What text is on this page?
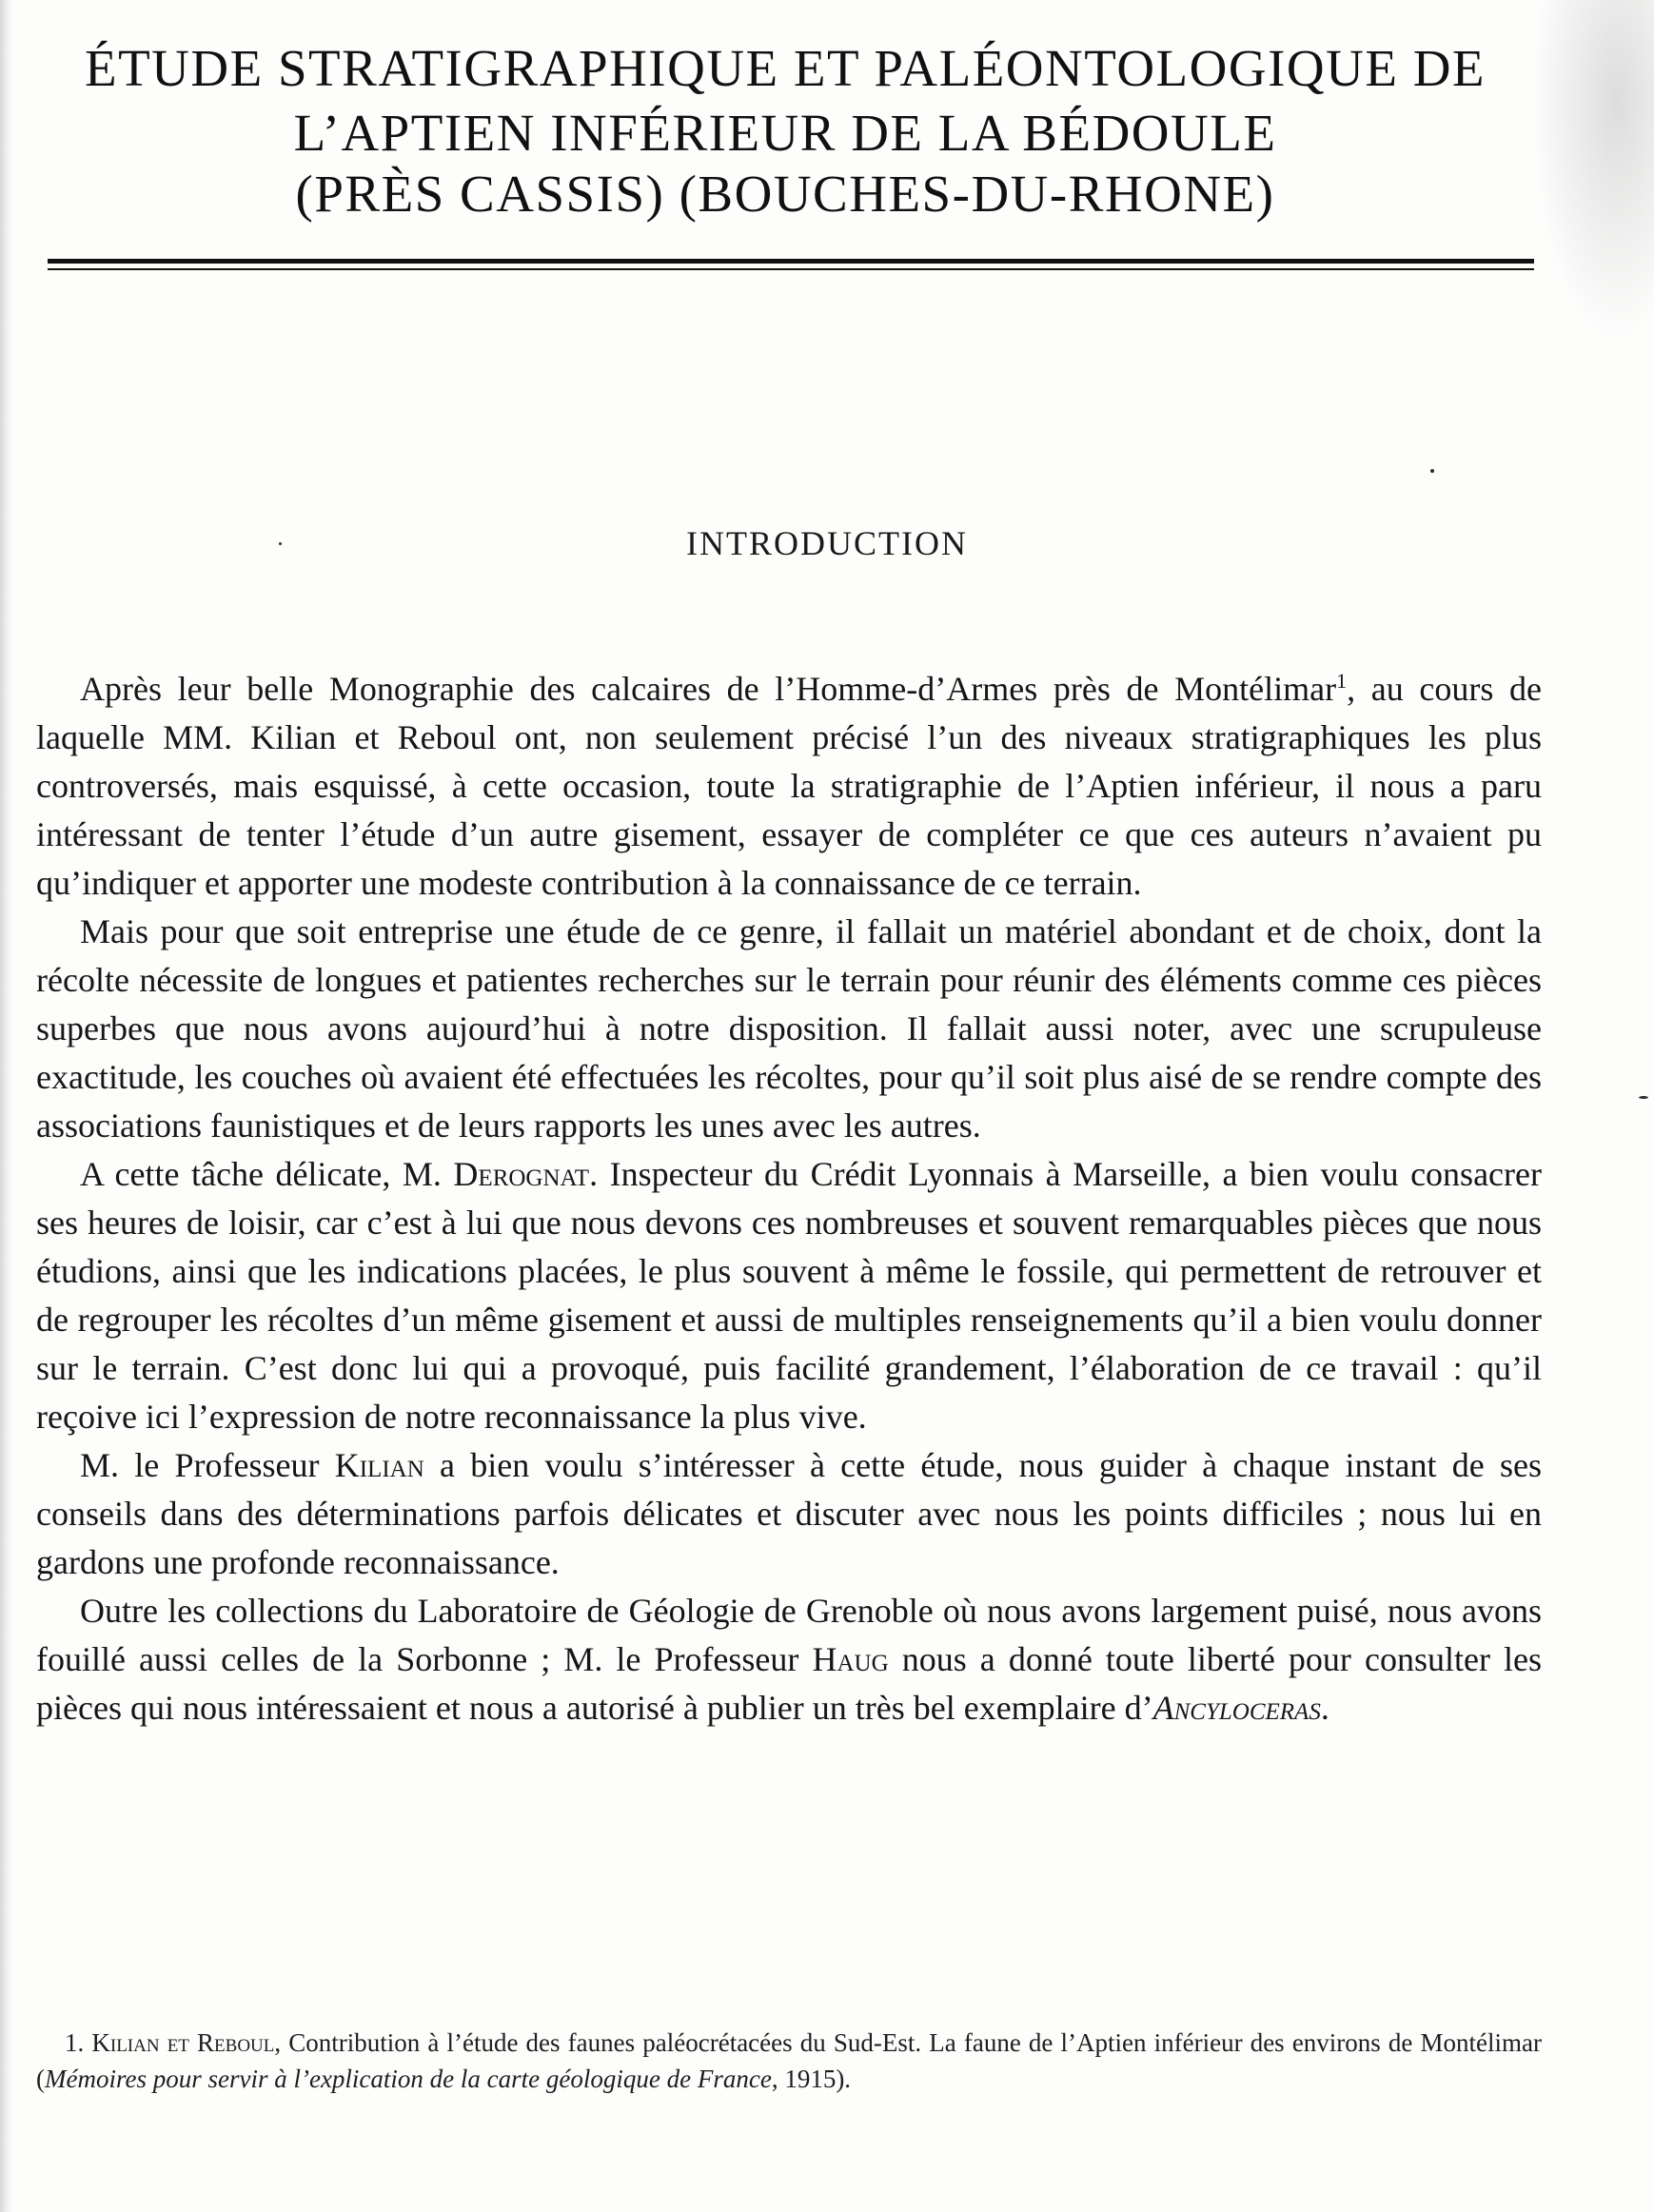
ÉTUDE STRATIGRAPHIQUE ET PALÉONTOLOGIQUE DE
L’APTIEN INFÉRIEUR DE LA BÉDOULE
(PRÈS CASSIS) (BOUCHES-DU-RHONE)
INTRODUCTION

Après leur belle Monographie des calcaires de l’Homme-d’Armes près de Montélimar$^1$, au cours de laquelle MM. Kilian et Reboul ont, non seulement précisé l’un des niveaux stratigraphiques les plus controversés, mais esquissé, à cette occasion, toute la stratigraphie de l’Aptien inférieur, il nous a paru intéressant de tenter l’étude d’un autre gisement, essayer de compléter ce que ces auteurs n’avaient pu qu’indiquer et apporter une modeste contribution à la connaissance de ce terrain.

Mais pour que soit entreprise une étude de ce genre, il fallait un matériel abondant et de choix, dont la récolte nécessite de longues et patientes recherches sur le terrain pour réunir des éléments comme ces pièces superbes que nous avons aujourd’hui à notre disposition. Il fallait aussi noter, avec une scrupuleuse exactitude, les couches où avaient été effectuées les récoltes, pour qu’il soit plus aisé de se rendre compte des associations faunistiques et de leurs rapports les unes avec les autres.

A cette tâche délicate, M. Derognat. Inspecteur du Crédit Lyonnais à Marseille, a bien voulu consacrer ses heures de loisir, car c’est à lui que nous devons ces nombreuses et souvent remarquables pièces que nous étudions, ainsi que les indications placées, le plus souvent à même le fossile, qui permettent de retrouver et de regrouper les récoltes d’un même gisement et aussi de multiples renseignements qu’il a bien voulu donner sur le terrain. C’est donc lui qui a provoqué, puis facilité grandement, l’élaboration de ce travail : qu’il reçoive ici l’expression de notre reconnaissance la plus vive.

M. le Professeur Kilian a bien voulu s’intéresser à cette étude, nous guider à chaque instant de ses conseils dans des déterminations parfois délicates et discuter avec nous les points difficiles ; nous lui en gardons une profonde reconnaissance.

Outre les collections du Laboratoire de Géologie de Grenoble où nous avons largement puisé, nous avons fouillé aussi celles de la Sorbonne ; M. le Professeur Haug nous a donné toute liberté pour consulter les pièces qui nous intéressaient et nous a autorisé à publier un très bel exemplaire d’Ancyloceras.

1. Kilian et Reboul, Contribution à l’étude des faunes paléocrétacées du Sud-Est. La faune de l’Aptien inférieur des environs de Montélimar (Mémoires pour servir à l’explication de la carte géologique de France, 1915).
